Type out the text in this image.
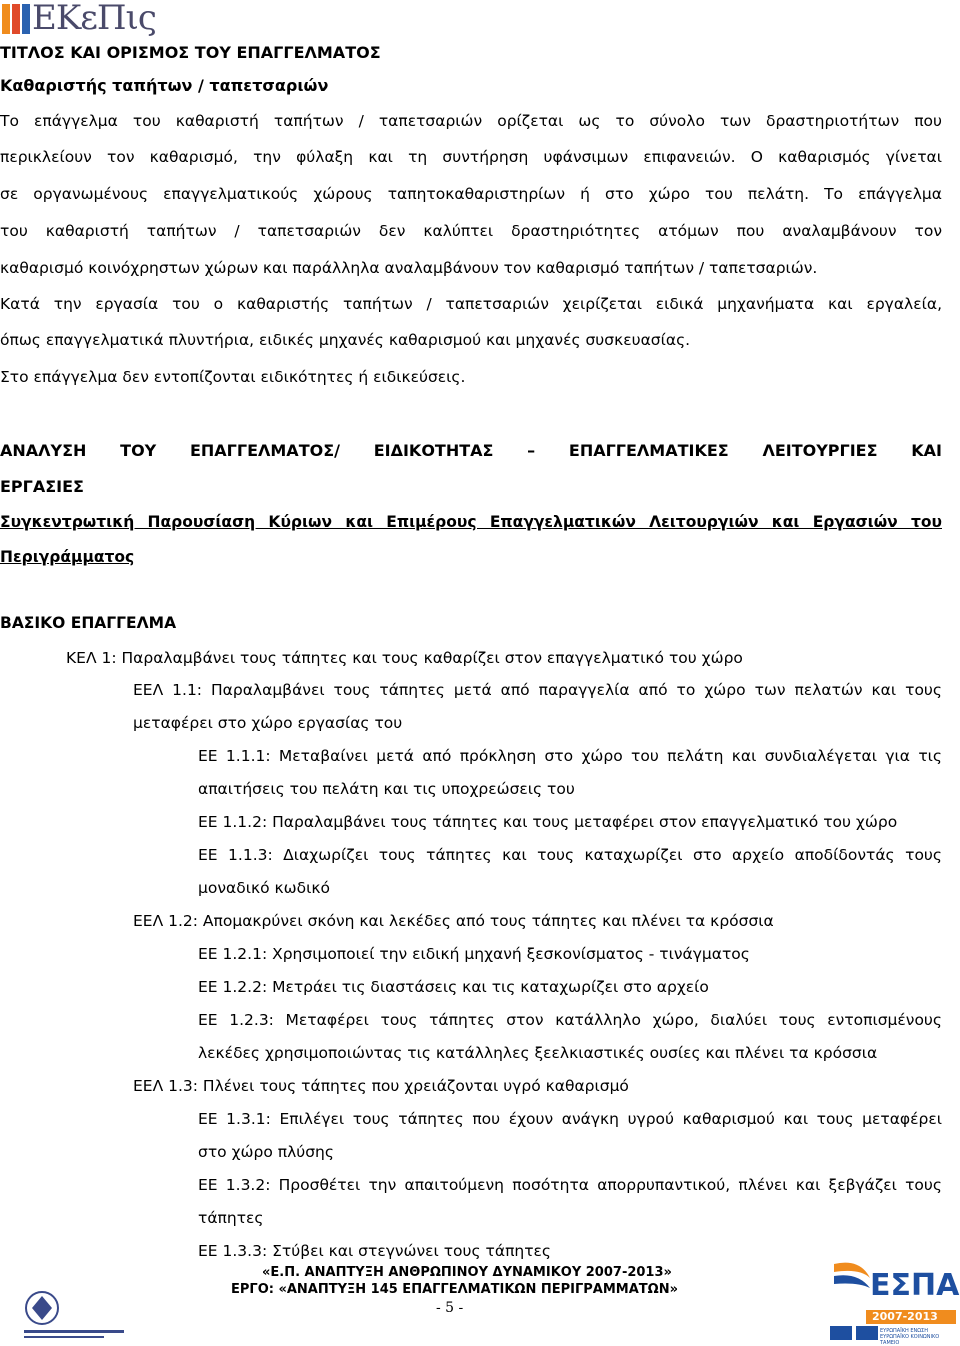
ΕΚεΠις
ΤΙΤΛΟΣ ΚΑΙ ΟΡΙΣΜΟΣ ΤΟΥ ΕΠΑΓΓΕΛΜΑΤΟΣ
Καθαριστής ταπήτων / ταπετσαριών
Το επάγγελμα του καθαριστή ταπήτων / ταπετσαριών ορίζεται ως το σύνολο των δραστηριοτήτων που
περικλείουν τον καθαρισμό, την φύλαξη και τη συντήρηση υφάνσιμων επιφανειών. Ο καθαρισμός γίνεται
σε οργανωμένους επαγγελματικούς χώρους ταπητοκαθαριστηρίων ή στο χώρο του πελάτη. Το επάγγελμα
του καθαριστή ταπήτων / ταπετσαριών δεν καλύπτει δραστηριότητες ατόμων που αναλαμβάνουν τον
καθαρισμό κοινόχρηστων χώρων και παράλληλα αναλαμβάνουν τον καθαρισμό ταπήτων / ταπετσαριών.
Κατά την εργασία του ο καθαριστής ταπήτων / ταπετσαριών χειρίζεται ειδικά μηχανήματα και εργαλεία,
όπως επαγγελματικά πλυντήρια, ειδικές μηχανές καθαρισμού και μηχανές συσκευασίας.
Στο επάγγελμα δεν εντοπίζονται ειδικότητες ή ειδικεύσεις.
ΑΝΑΛΥΣΗ ΤΟΥ ΕΠΑΓΓΕΛΜΑΤΟΣ/ ΕΙΔΙΚΟΤΗΤΑΣ – ΕΠΑΓΓΕΛΜΑΤΙΚΕΣ ΛΕΙΤΟΥΡΓΙΕΣ ΚΑΙ
ΕΡΓΑΣΙΕΣ
Συγκεντρωτική Παρουσίαση Κύριων και Επιμέρους Επαγγελματικών Λειτουργιών και Εργασιών του
Περιγράμματος
ΒΑΣΙΚΟ ΕΠΑΓΓΕΛΜΑ
ΚΕΛ 1: Παραλαμβάνει τους τάπητες και τους καθαρίζει στον επαγγελματικό του χώρο
ΕΕΛ 1.1: Παραλαμβάνει τους τάπητες μετά από παραγγελία από το χώρο των πελατών και τους
μεταφέρει στο χώρο εργασίας του
ΕΕ 1.1.1: Μεταβαίνει μετά από πρόκληση στο χώρο του πελάτη και συνδιαλέγεται για τις
απαιτήσεις του πελάτη και τις υποχρεώσεις του
ΕΕ 1.1.2: Παραλαμβάνει τους τάπητες και τους μεταφέρει στον επαγγελματικό του χώρο
ΕΕ 1.1.3: Διαχωρίζει τους τάπητες και τους καταχωρίζει στο αρχείο αποδίδοντάς τους
μοναδικό κωδικό
ΕΕΛ 1.2: Απομακρύνει σκόνη και λεκέδες από τους τάπητες και πλένει τα κρόσσια
ΕΕ 1.2.1: Χρησιμοποιεί την ειδική μηχανή ξεσκονίσματος - τινάγματος
ΕΕ 1.2.2: Μετράει τις διαστάσεις και τις καταχωρίζει στο αρχείο
ΕΕ 1.2.3: Μεταφέρει τους τάπητες στον κατάλληλο χώρο, διαλύει τους εντοπισμένους
λεκέδες χρησιμοποιώντας τις κατάλληλες ξεελκιαστικές ουσίες και πλένει τα κρόσσια
ΕΕΛ 1.3: Πλένει τους τάπητες που χρειάζονται υγρό καθαρισμό
ΕΕ 1.3.1: Επιλέγει τους τάπητες που έχουν ανάγκη υγρού καθαρισμού και τους μεταφέρει
στο χώρο πλύσης
ΕΕ 1.3.2: Προσθέτει την απαιτούμενη ποσότητα απορρυπαντικού, πλένει και ξεβγάζει τους
τάπητες
ΕΕ 1.3.3: Στύβει και στεγνώνει τους τάπητες
«Ε.Π. ΑΝΑΠΤΥΞΗ ΑΝΘΡΩΠΙΝΟΥ ΔΥΝΑΜΙΚΟΥ 2007-2013»
ΕΡΓΟ: «ΑΝΑΠΤΥΞΗ 145 ΕΠΑΓΓΕΛΜΑΤΙΚΩΝ ΠΕΡΙΓΡΑΜΜΑΤΩΝ»
- 5 -
ΕΣΠΑ
2007-2013
ΕΥΡΩΠΑΪΚΗ ΕΝΩΣΗ ΕΥΡΩΠΑΪΚΟ ΚΟΙΝΩΝΙΚΟ ΤΑΜΕΙΟ
